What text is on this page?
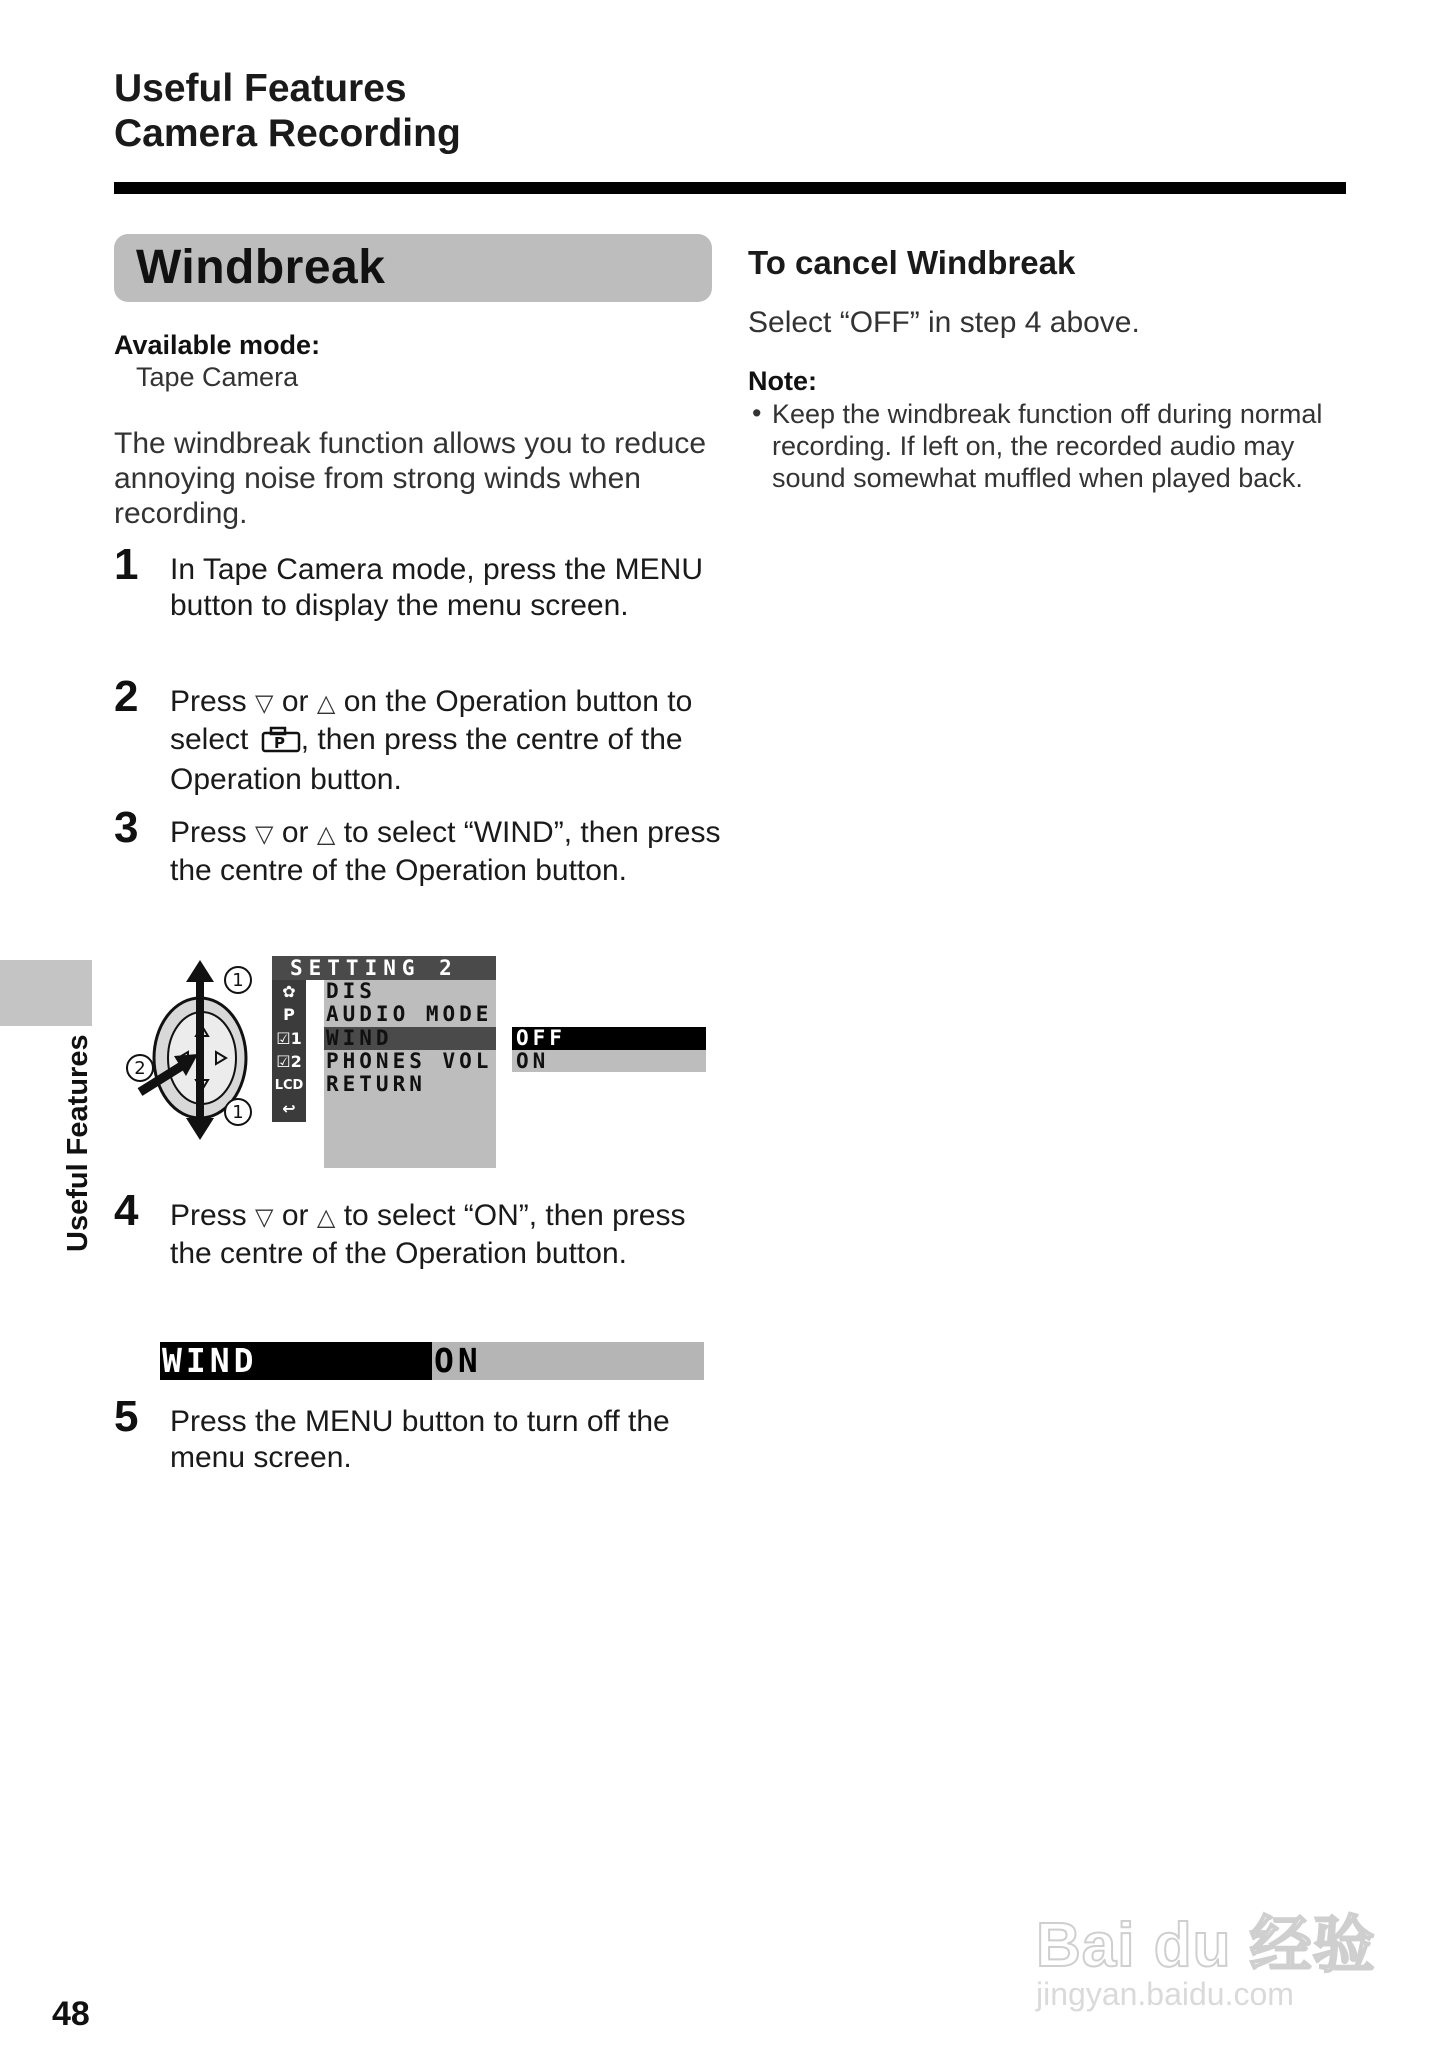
Useful Features
Camera Recording
Windbreak
Available mode:
Tape Camera
The windbreak function allows you to reduce annoying noise from strong winds when recording.
1 In Tape Camera mode, press the MENU button to display the menu screen.
2 Press ▽ or △ on the Operation button to select P , then press the centre of the Operation button.
3 Press ▽ or △ to select “WIND”, then press the centre of the Operation button.
1
2
1
SETTING 2
✿
P
☑1
☑2
LCD
↩
DIS
AUDIO MODE
WIND
PHONES VOL
RETURN
OFF
ON
4 Press ▽ or △ to select “ON”, then press the centre of the Operation button.
WIND	ON
5 Press the MENU button to turn off the menu screen.
To cancel Windbreak
Select “OFF” in step 4 above.
Note:
• Keep the windbreak function off during normal recording. If left on, the recorded audio may sound somewhat muffled when played back.
Useful Features
48
Bai du 经验
jingyan.baidu.com
